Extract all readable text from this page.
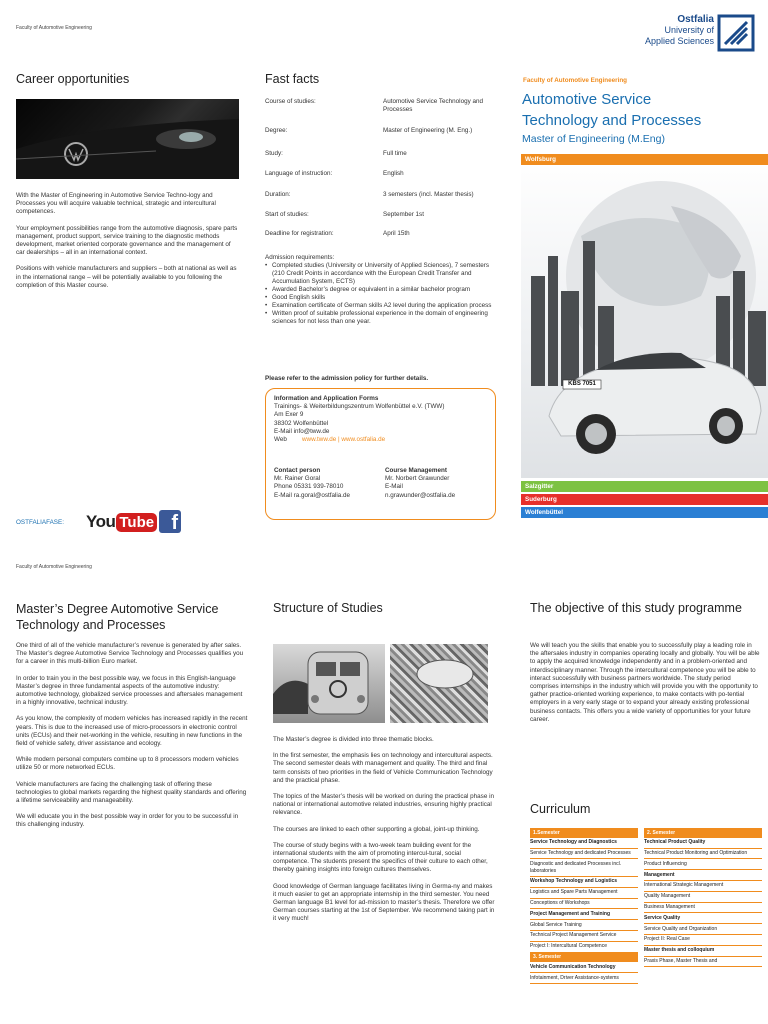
Faculty of Automotive Engineering
Ostfalia
University of
Applied Sciences
Career opportunities

With the Master of Engineering in Automotive Service Techno-logy and Processes you will acquire valuable technical, strategic and intercultural competences.

Your employment possibilities range from the automotive diagnosis, spare parts management, product support, service training to the diagnostic methods development, market oriented corporate governance and the management of car dealerships – all in an international context.

Positions with vehicle manufacturers and suppliers – both at national as well as in the international range – will be potentially available to you following the completion of this Master course.

OSTFALIAFASE: You Tube f
Fast facts
Course of studies:	Automotive Service Technology and Processes
Degree:	Master of Engineering (M. Eng.)
Study:	Full time
Language of instruction:	English
Duration:	3 semesters (incl. Master thesis)
Start of studies:	September 1st
Deadline for registration:	April 15th
Admission requirements:
• Completed studies (University or University of Applied Sciences), 7 semesters (210 Credit Points in accordance with the European Credit Transfer and Accumulation System, ECTS)
• Awarded Bachelor’s degree or equivalent in a similar bachelor program
• Good English skills
• Examination certificate of German skills A2 level during the application process
• Written proof of suitable professional experience in the domain of engineering sciences for not less than one year.
Please refer to the admission policy for further details.
Information and Application Forms
Trainings- & Weiterbildungszentrum Wolfenbüttel e.V. (TWW)
Am Exer 9
38302 Wolfenbüttel
E-Mail info@tww.de
Web www.tww.de | www.ostfalia.de
Contact person
Mr. Rainer Goral
Phone 05331 939-78010
E-Mail ra.goral@ostfalia.de
Course Management
Mr. Norbert Grawunder
E-Mail
n.grawunder@ostfalia.de
Faculty of Automotive Engineering
Automotive Service
Technology and Processes
Master of Engineering (M.Eng)
Wolfsburg
KBS 7051
Salzgitter
Suderburg
Wolfenbüttel
Faculty of Automotive Engineering
Master’s Degree Automotive Service Technology and Processes

One third of all of the vehicle manufacturer’s revenue is generated by after sales. The Master’s degree Automotive Service Technology and Processes qualifies you for a career in this multi-billion Euro market.

In order to train you in the best possible way, we focus in this English-language Master’s degree in three fundamental aspects of the automotive industry: automotive technology, globalized service processes and aftersales management in a highly innovative, technical industry.

As you know, the complexity of modern vehicles has increased rapidly in the recent years. This is due to the increased use of micro-processors in electronic control units (ECUs) and their net-working in the vehicle, resulting in new functions in the field of vehicle safety, driver assistance and ecology.

While modern personal computers combine up to 8 processors modern vehicles utilize 50 or more networked ECUs.

Vehicle manufacturers are facing the challenging task of offering these technologies to global markets regarding the highest quality standards and offering a lifetime serviceability and manageability.

We will educate you in the best possible way in order for you to be successful in this challenging industry.

Structure of Studies

The Master’s degree is divided into three thematic blocks.

In the first semester, the emphasis lies on technology and intercultural aspects. The second semester deals with management and quality. The third and final term consists of two priorities in the field of Vehicle Communication Technology and the practical phase.

The topics of the Master’s thesis will be worked on during the practical phase in national or international automotive related industries, ensuring highly practical relevance.

The courses are linked to each other supporting a global, joint-up thinking.

The course of study begins with a two-week team building event for the international students with the aim of promoting intercul-tural, social competence. The students present the specifics of their culture to each other, thereby gaining insights into foreign cultures themselves.

Good knowledge of German language facilitates living in Germa-ny and makes it much easier to get an appropriate internship in the third semester. You need German language B1 level for ad-mission to master’s thesis. Therefore we offer German courses starting at the 1st of September. We recommend taking part in it very much!

The objective of this study programme
We will teach you the skills that enable you to successfully play a leading role in the aftersales industry in companies operating locally and globally. You will be able to apply the acquired knowledge independently and in a problem-oriented and interdisciplinary manner. Through the intercultural competence you will be able to interact successfully with business partners worldwide. The study period comprises internships in the industry which will provide you with the opportunity to gather practice-oriented working experience, to make contacts with po-tential employers in a very early stage or to expand your already existing professional business contacts. This offers you a wide variety of opportunities for your future career.
Curriculum
1.Semester
Service Technology and Diagnostics
Service Technology and dedicated Processes
Diagnostic and dedicated Processes incl. laboratories
Workshop Technology and Logistics
Logistics and Spare Parts Management
Conceptions of Workshops
Project Management and Training
Global Service Training
Technical Project Management Service
Project I: Intercultural Competence
3. Semester
Vehicle Communication Technology
Infotainment, Driver Assistance-systems
2. Semester
Technical Product Quality
Technical Product Monitoring and Optimization
Product Influencing
Management
International Strategic Management
Quality Management
Business Management
Service Quality
Service Quality and Organization
Project II: Real Case
Master thesis and colloquium
Praxis Phase, Master Thesis and
